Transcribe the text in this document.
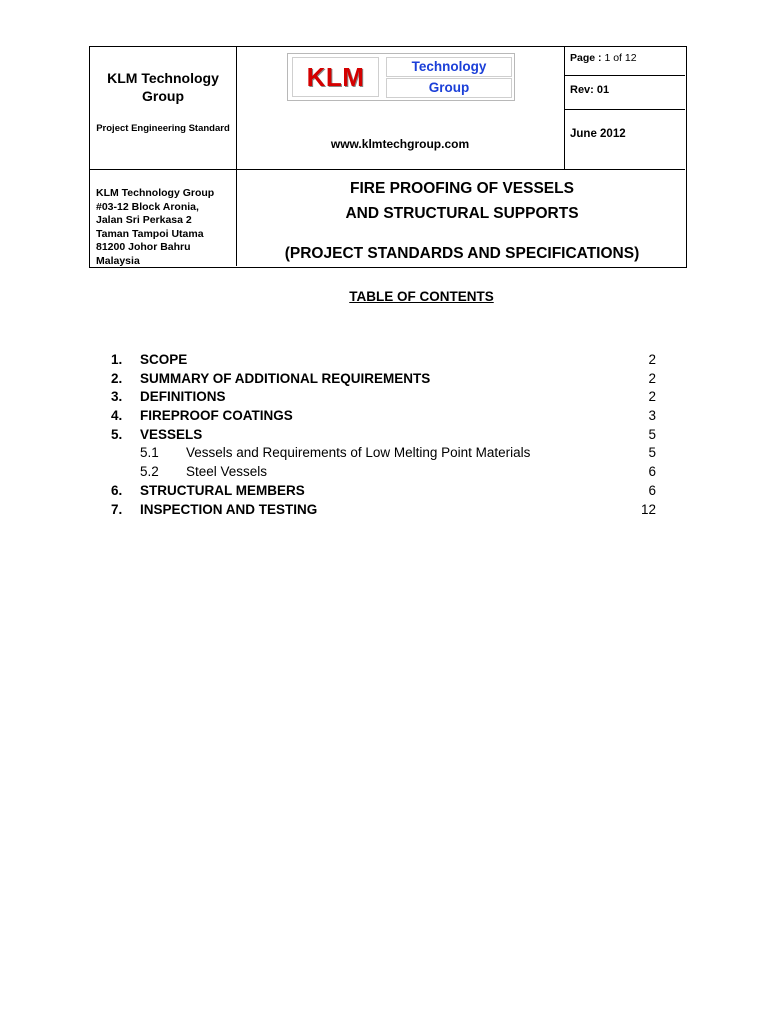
KLM Technology Group
Project Engineering Standard
KLM Technology Group
#03-12 Block Aronia,
Jalan Sri Perkasa 2
Taman Tampoi Utama
81200 Johor Bahru
Malaysia
KLM	Technology
Group
www.klmtechgroup.com
Page : 1 of 12
Rev: 01
June 2012
FIRE PROOFING OF VESSELS
AND STRUCTURAL SUPPORTS
(PROJECT STANDARDS AND SPECIFICATIONS)
TABLE OF CONTENTS
1. SCOPE	2
2. SUMMARY OF ADDITIONAL REQUIREMENTS	2
3. DEFINITIONS	2
4. FIREPROOF COATINGS	3
5. VESSELS	5
5.1 Vessels and Requirements of Low Melting Point Materials	5
5.2 Steel Vessels	6
6. STRUCTURAL MEMBERS	6
7. INSPECTION AND TESTING	12
